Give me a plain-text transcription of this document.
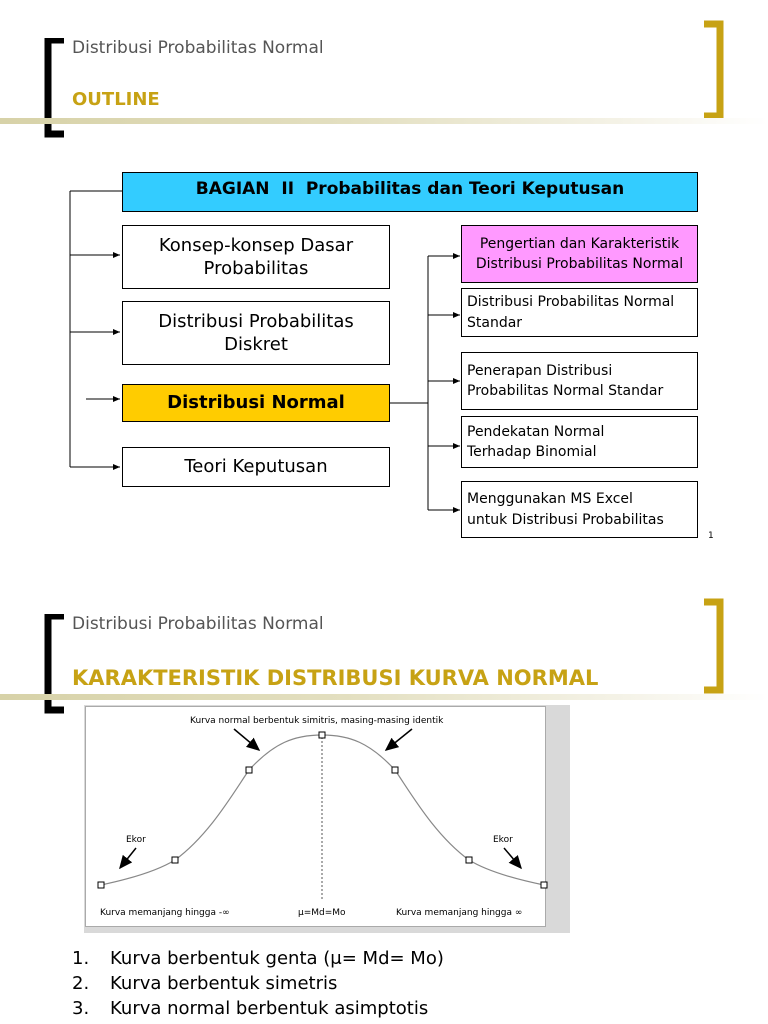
Distribusi Probabilitas Normal
OUTLINE
BAGIAN  II  Probabilitas dan Teori Keputusan
Konsep-konsep Dasar
Probabilitas
Distribusi Probabilitas
Diskret
Distribusi Normal
Teori Keputusan
Pengertian dan Karakteristik
Distribusi Probabilitas Normal
Distribusi Probabilitas Normal
Standar
Penerapan Distribusi
Probabilitas Normal Standar
Pendekatan Normal
Terhadap Binomial
Menggunakan MS Excel
untuk Distribusi Probabilitas
1
Distribusi Probabilitas Normal
KARAKTERISTIK DISTRIBUSI KURVA NORMAL
Kurva normal berbentuk simitris, masing-masing identik
Ekor	Ekor
Kurva memanjang hingga -∞	μ=Md=Mo	Kurva memanjang hingga ∞
1.	Kurva berbentuk genta (μ= Md= Mo)
2.	Kurva berbentuk simetris
3.	Kurva normal berbentuk asimptotis
